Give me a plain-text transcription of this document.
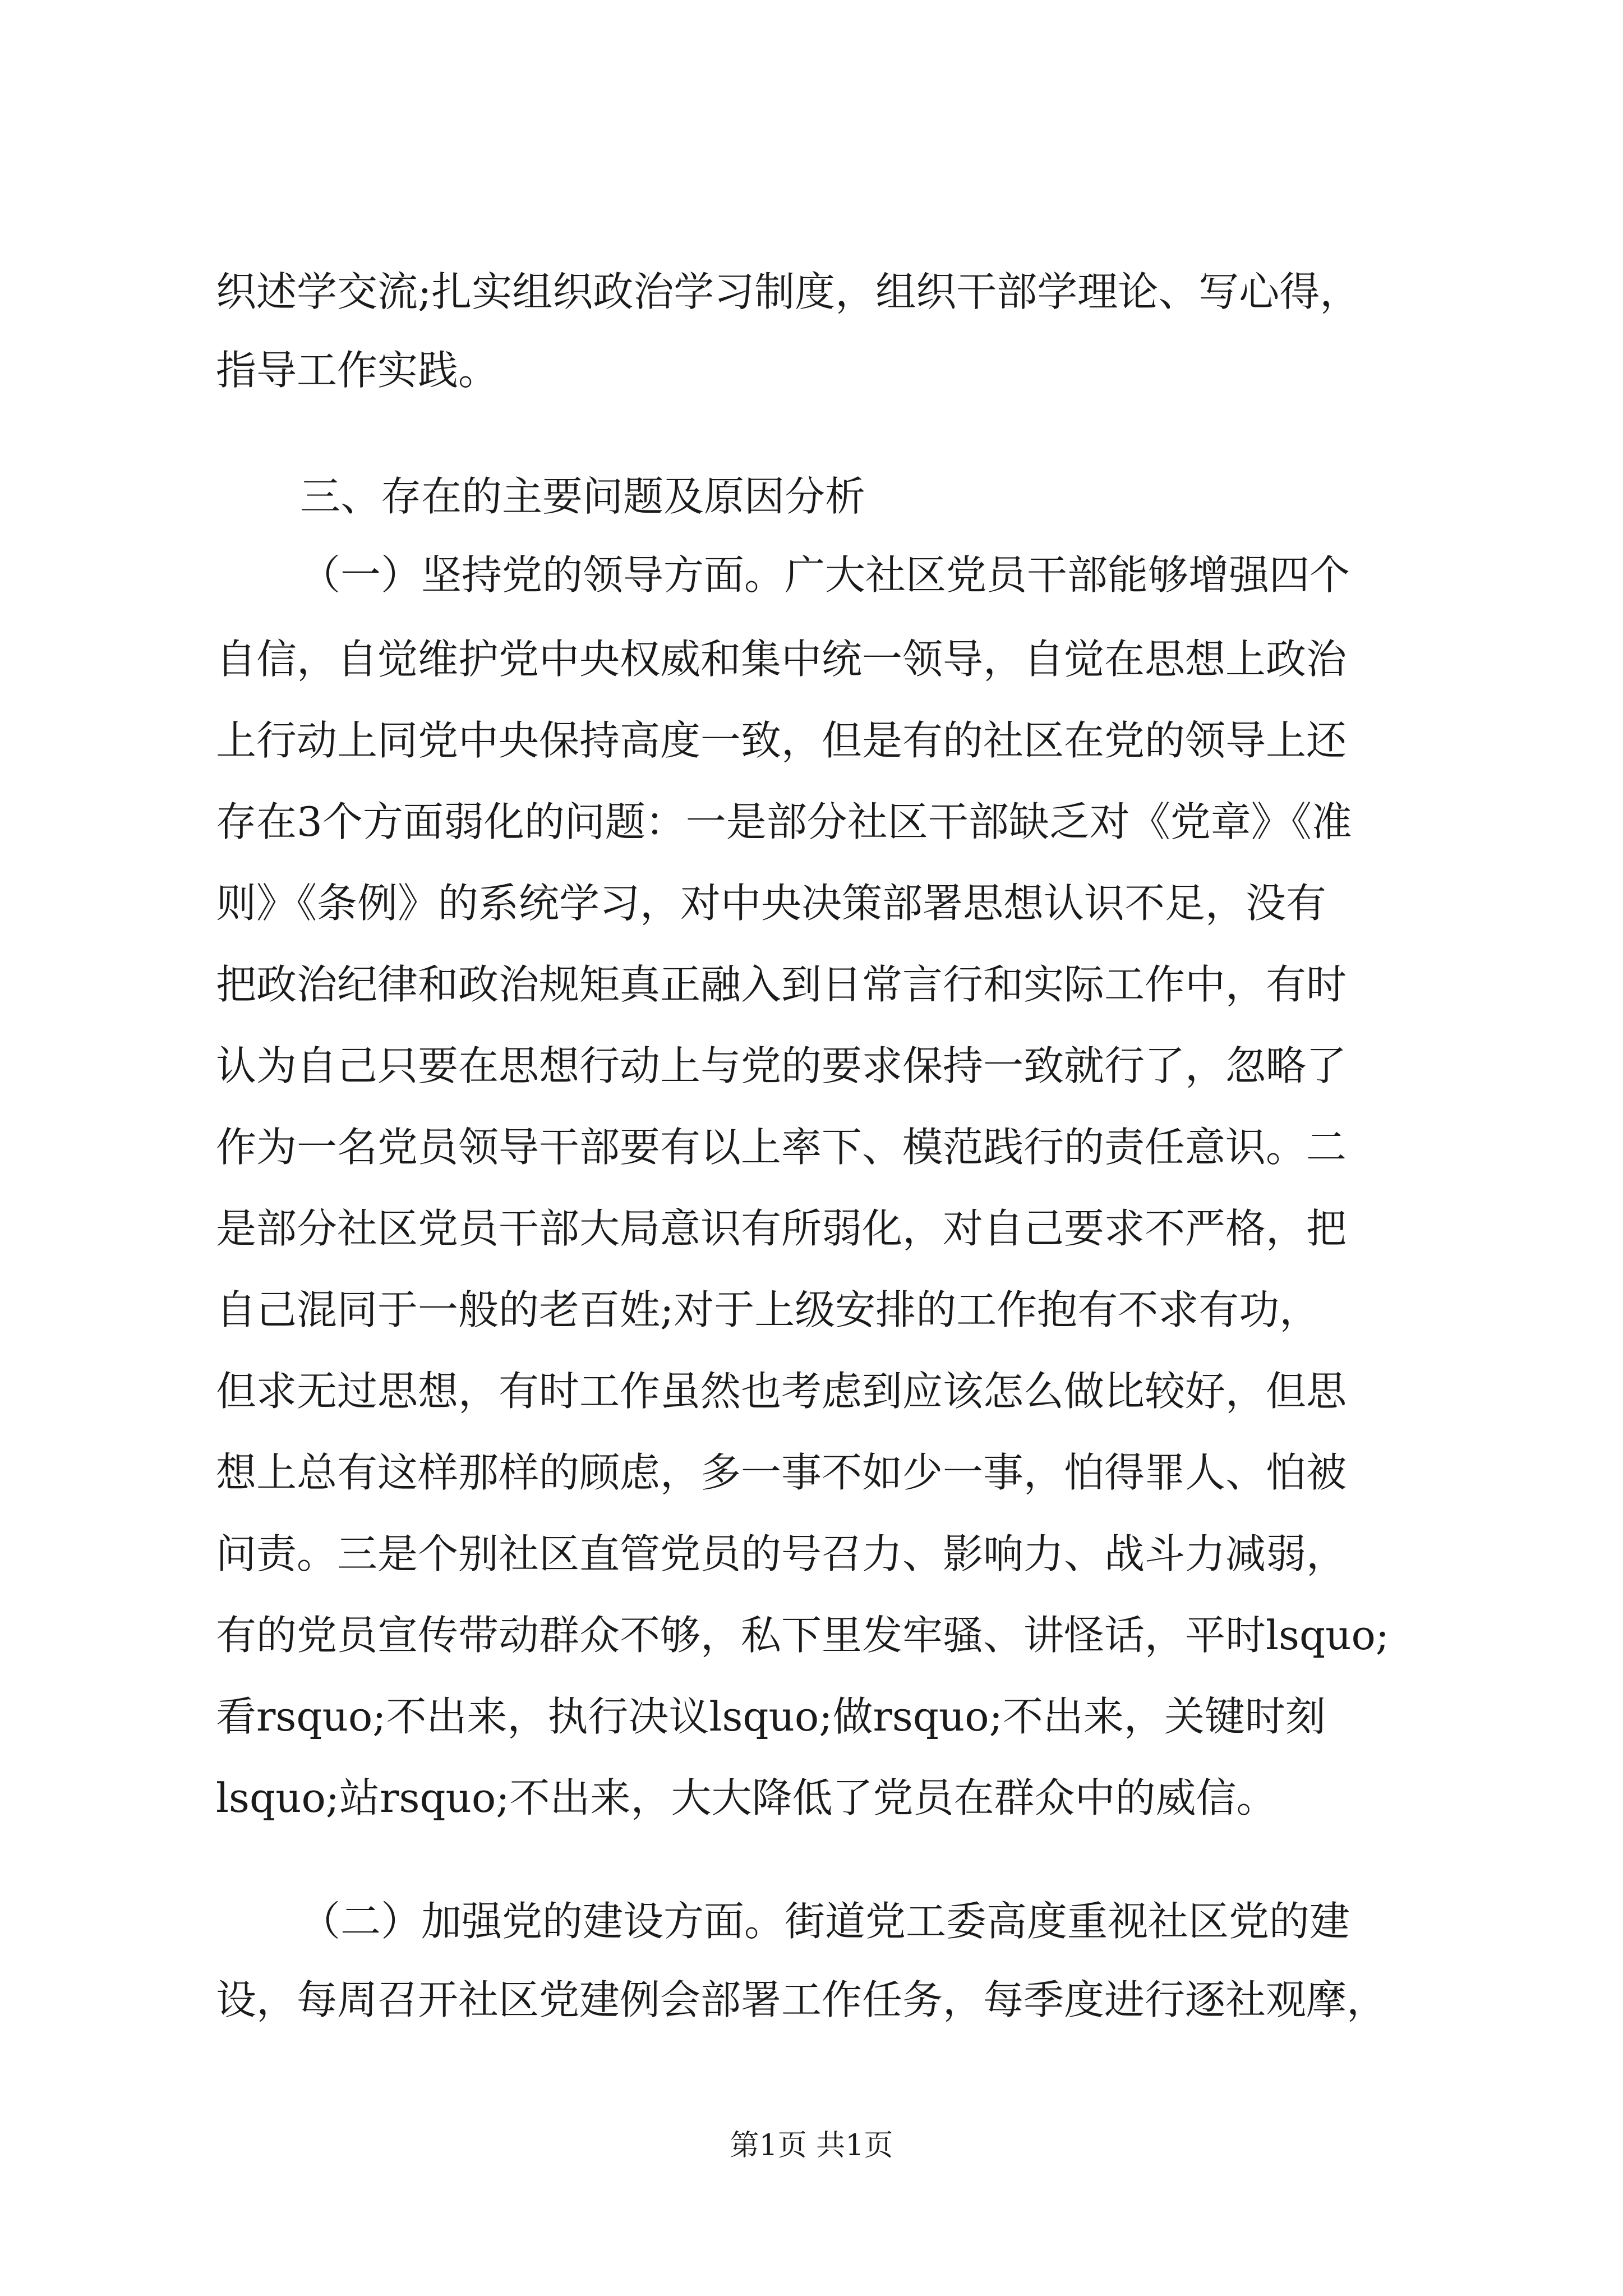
织述学交流;扎实组织政治学习制度，组织干部学理论、写心得，
指导工作实践。
三、存在的主要问题及原因分析
（一）坚持党的领导方面。广大社区党员干部能够增强四个
自信，自觉维护党中央权威和集中统一领导，自觉在思想上政治
上行动上同党中央保持高度一致，但是有的社区在党的领导上还
存在3个方面弱化的问题：一是部分社区干部缺乏对《党章》《准
则》《条例》的系统学习，对中央决策部署思想认识不足，没有
把政治纪律和政治规矩真正融入到日常言行和实际工作中，有时
认为自己只要在思想行动上与党的要求保持一致就行了，忽略了
作为一名党员领导干部要有以上率下、模范践行的责任意识。二
是部分社区党员干部大局意识有所弱化，对自己要求不严格，把
自己混同于一般的老百姓;对于上级安排的工作抱有不求有功，
但求无过思想，有时工作虽然也考虑到应该怎么做比较好，但思
想上总有这样那样的顾虑，多一事不如少一事，怕得罪人、怕被
问责。三是个别社区直管党员的号召力、影响力、战斗力减弱，
有的党员宣传带动群众不够，私下里发牢骚、讲怪话，平时lsquo;
看rsquo;不出来，执行决议lsquo;做rsquo;不出来，关键时刻
lsquo;站rsquo;不出来，大大降低了党员在群众中的威信。
（二）加强党的建设方面。街道党工委高度重视社区党的建
设，每周召开社区党建例会部署工作任务，每季度进行逐社观摩，
第1页 共1页
